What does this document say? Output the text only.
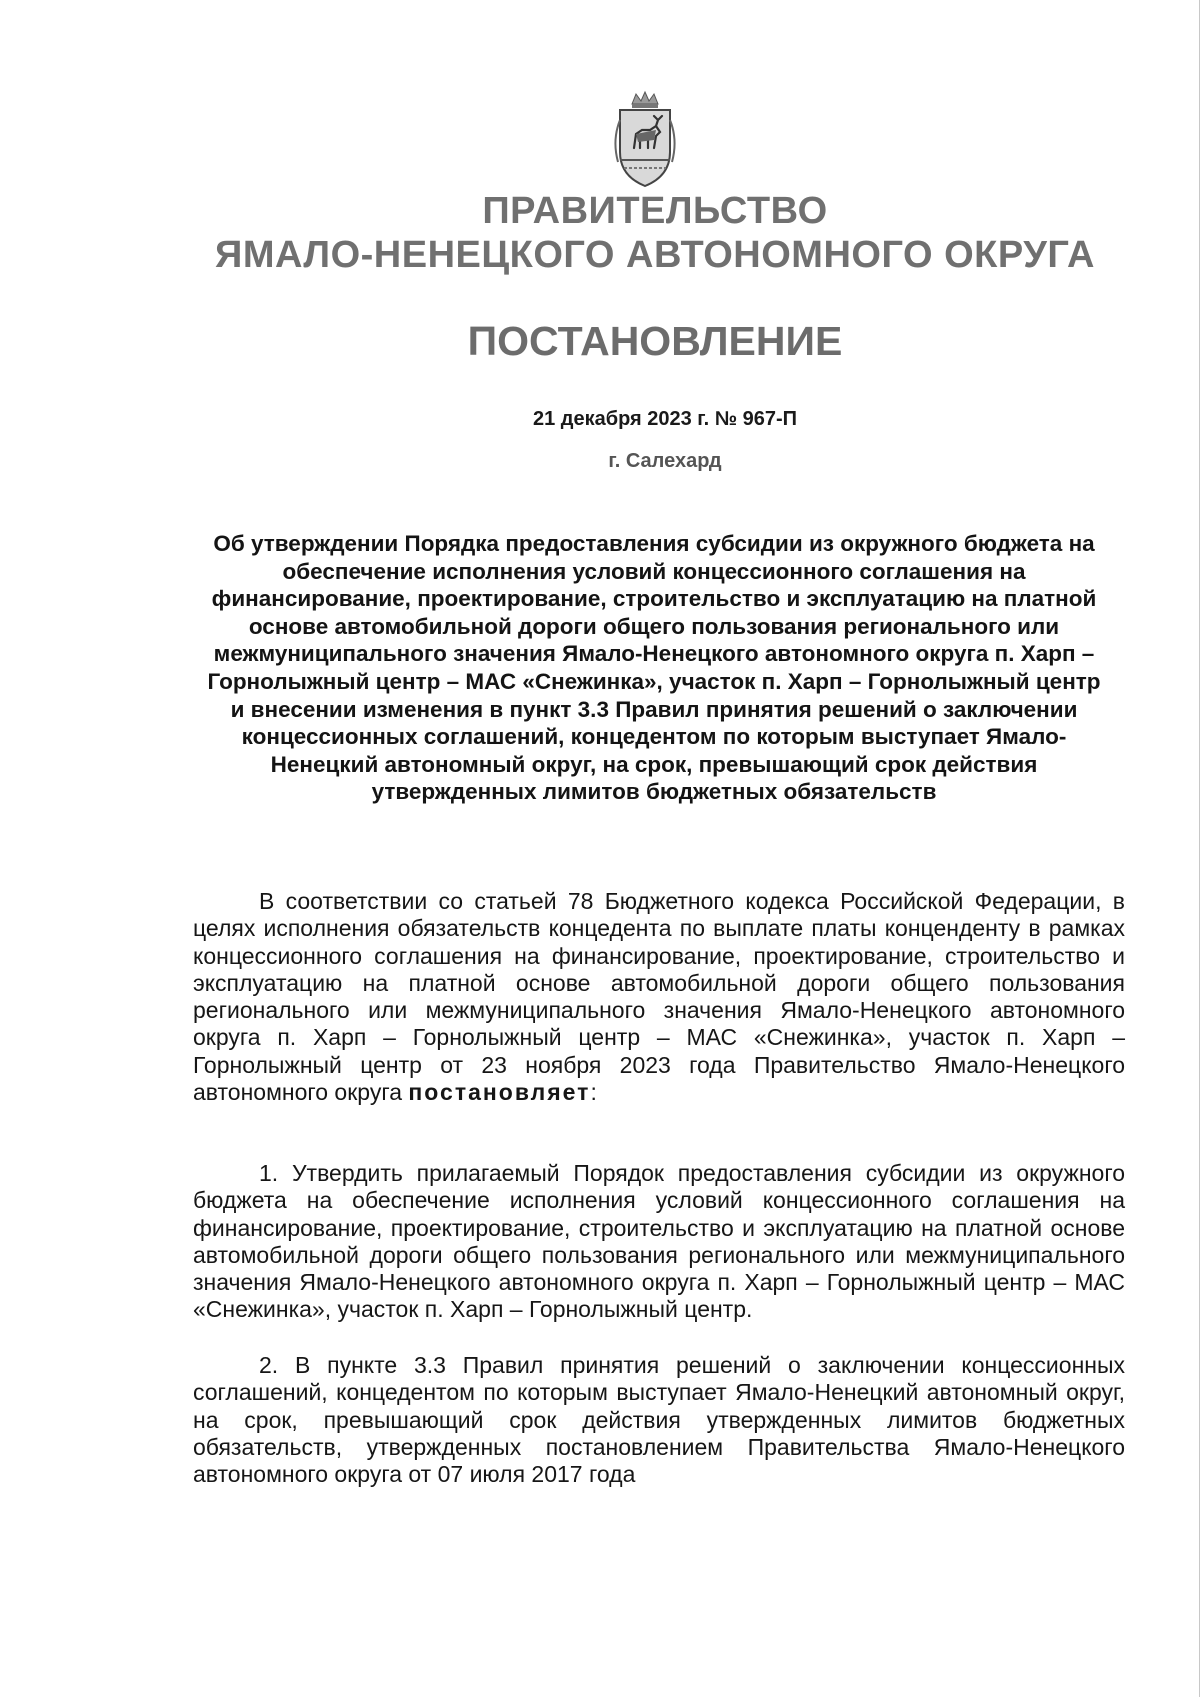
ПРАВИТЕЛЬСТВО
ЯМАЛО-НЕНЕЦКОГО АВТОНОМНОГО ОКРУГА
ПОСТАНОВЛЕНИЕ
21 декабря 2023 г. № 967-П
г. Салехард

Об утверждении Порядка предоставления субсидии из окружного бюджета на обеспечение исполнения условий концессионного соглашения на финансирование, проектирование, строительство и эксплуатацию на платной основе автомобильной дороги общего пользования регионального или межмуниципального значения Ямало-Ненецкого автономного округа п. Харп – Горнолыжный центр – МАС «Снежинка», участок п. Харп – Горнолыжный центр и внесении изменения в пункт 3.3 Правил принятия решений о заключении концессионных соглашений, концедентом по которым выступает Ямало-Ненецкий автономный округ, на срок, превышающий срок действия утвержденных лимитов бюджетных обязательств

В соответствии со статьей 78 Бюджетного кодекса Российской Федерации, в целях исполнения обязательств концедента по выплате платы конценденту в рамках концессионного соглашения на финансирование, проектирование, строительство и эксплуатацию на платной основе автомобильной дороги общего пользования регионального или межмуниципального значения Ямало-Ненецкого автономного округа п. Харп – Горнолыжный центр – МАС «Снежинка», участок п. Харп – Горнолыжный центр от 23 ноября 2023 года Правительство Ямало-Ненецкого автономного округа постановляет:

1. Утвердить прилагаемый Порядок предоставления субсидии из окружного бюджета на обеспечение исполнения условий концессионного соглашения на финансирование, проектирование, строительство и эксплуатацию на платной основе автомобильной дороги общего пользования регионального или межмуниципального значения Ямало-Ненецкого автономного округа п. Харп – Горнолыжный центр – МАС «Снежинка», участок п. Харп – Горнолыжный центр.

2. В пункте 3.3 Правил принятия решений о заключении концессионных соглашений, концедентом по которым выступает Ямало-Ненецкий автономный округ, на срок, превышающий срок действия утвержденных лимитов бюджетных обязательств, утвержденных постановлением Правительства Ямало-Ненецкого автономного округа от 07 июля 2017 года
